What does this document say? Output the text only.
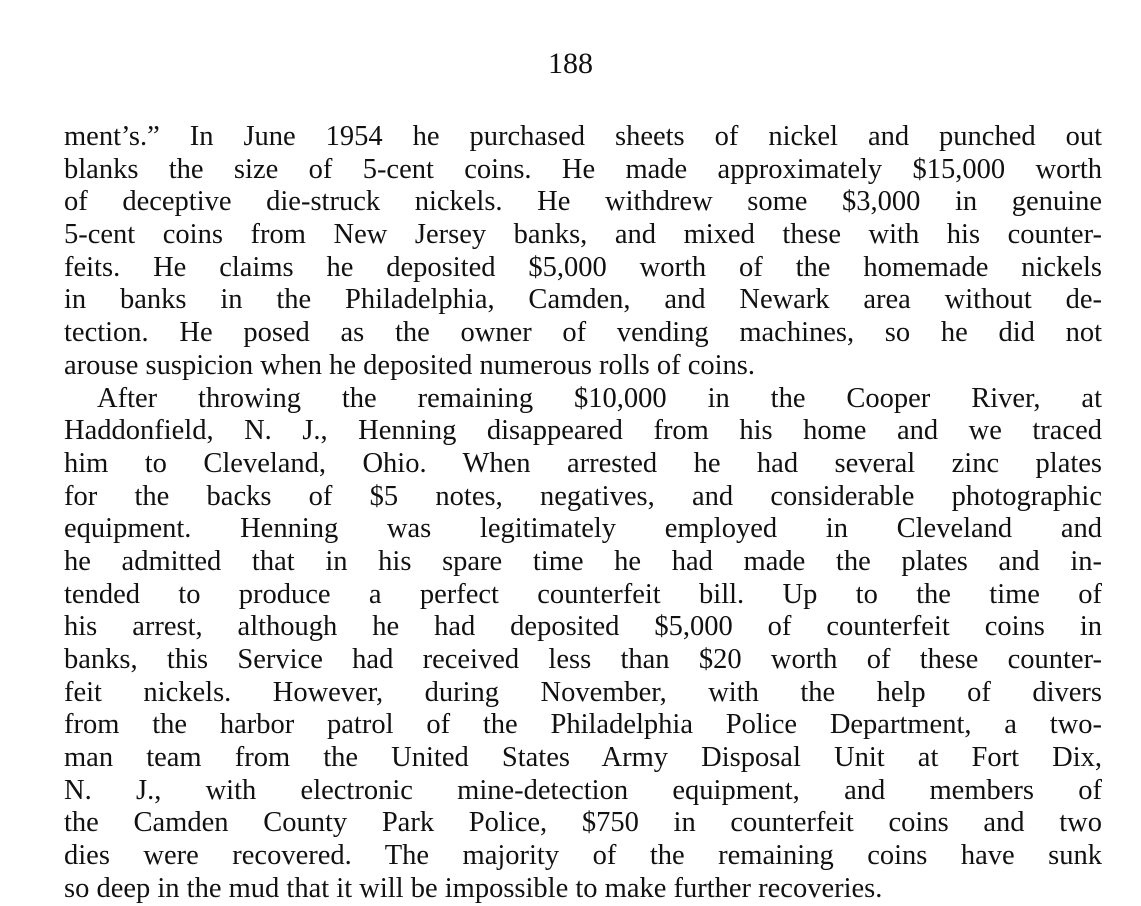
188
ment’s.” In June 1954 he purchased sheets of nickel and punched out
blanks the size of 5-cent coins. He made approximately $15,000 worth
of deceptive die-struck nickels. He withdrew some $3,000 in genuine
5-cent coins from New Jersey banks, and mixed these with his counter-
feits. He claims he deposited $5,000 worth of the homemade nickels
in banks in the Philadelphia, Camden, and Newark area without de-
tection. He posed as the owner of vending machines, so he did not
arouse suspicion when he deposited numerous rolls of coins.
After throwing the remaining $10,000 in the Cooper River, at
Haddonfield, N. J., Henning disappeared from his home and we traced
him to Cleveland, Ohio. When arrested he had several zinc plates
for the backs of $5 notes, negatives, and considerable photographic
equipment. Henning was legitimately employed in Cleveland and
he admitted that in his spare time he had made the plates and in-
tended to produce a perfect counterfeit bill. Up to the time of
his arrest, although he had deposited $5,000 of counterfeit coins in
banks, this Service had received less than $20 worth of these counter-
feit nickels. However, during November, with the help of divers
from the harbor patrol of the Philadelphia Police Department, a two-
man team from the United States Army Disposal Unit at Fort Dix,
N. J., with electronic mine-detection equipment, and members of
the Camden County Park Police, $750 in counterfeit coins and two
dies were recovered. The majority of the remaining coins have sunk
so deep in the mud that it will be impossible to make further recoveries.
